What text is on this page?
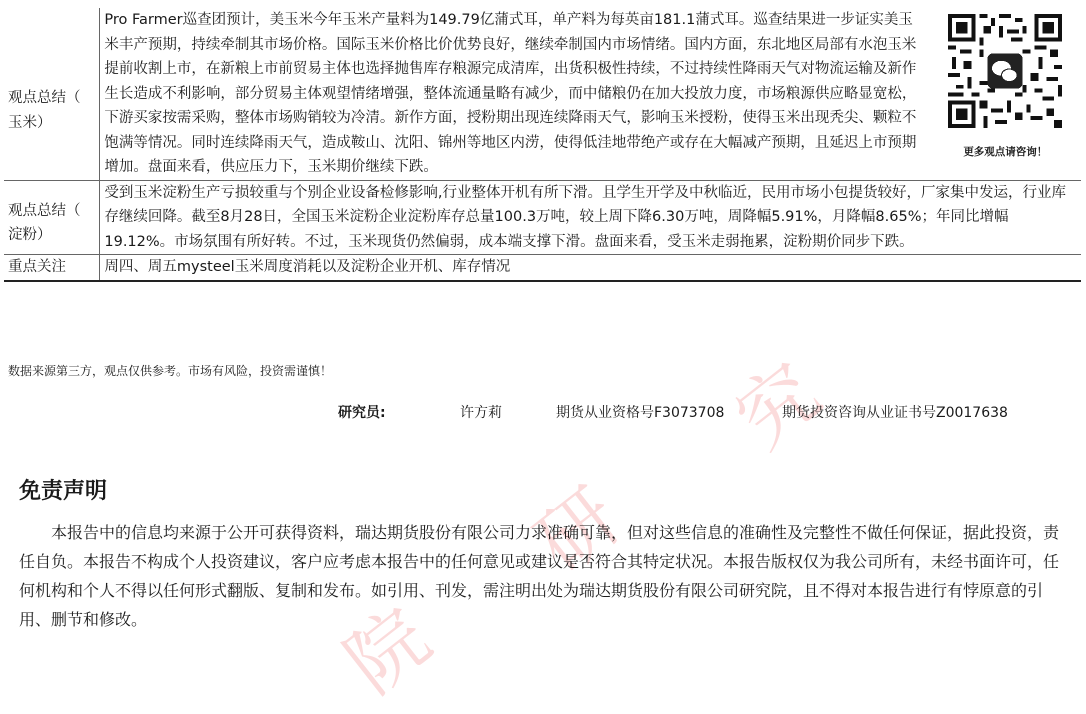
究
研
院
观点总结（
玉米）	Pro Farmer巡查团预计，美玉米今年玉米产量料为149.79亿蒲式耳，单产料为每英亩181.1蒲式耳。巡查结果进一步证实美玉米丰产预期，持续牵制其市场价格。国际玉米价格比价优势良好，继续牵制国内市场情绪。国内方面，东北地区局部有水泡玉米提前收割上市，在新粮上市前贸易主体也选择抛售库存粮源完成清库，出货积极性持续，不过持续性降雨天气对物流运输及新作生长造成不利影响，部分贸易主体观望情绪增强，整体流通量略有减少，而中储粮仍在加大投放力度，市场粮源供应略显宽松，下游买家按需采购，整体市场购销较为冷清。新作方面，授粉期出现连续降雨天气，影响玉米授粉，使得玉米出现秃尖、颗粒不饱满等情况。同时连续降雨天气，造成鞍山、沈阳、锦州等地区内涝，使得低洼地带绝产或存在大幅减产预期，且延迟上市预期增加。盘面来看，供应压力下，玉米期价继续下跌。	更多观点请咨询！

观点总结（
淀粉）	受到玉米淀粉生产亏损较重与个别企业设备检修影响,行业整体开机有所下滑。且学生开学及中秋临近，民用市场小包提货较好，厂家集中发运，行业库存继续回降。截至8月28日，全国玉米淀粉企业淀粉库存总量100.3万吨，较上周下降6.30万吨，周降幅5.91%，月降幅8.65%；年同比增幅19.12%。市场氛围有所好转。不过，玉米现货仍然偏弱，成本端支撑下滑。盘面来看，受玉米走弱拖累，淀粉期价同步下跌。	

重点关注	周四、周五mysteel玉米周度消耗以及淀粉企业开机、库存情况	
数据来源第三方，观点仅供参考。市场有风险，投资需谨慎！
研究员:	许方莉	期货从业资格号F3073708	期货投资咨询从业证书号Z0017638
免责声明

本报告中的信息均来源于公开可获得资料，瑞达期货股份有限公司力求准确可靠，但对这些信息的准确性及完整性不做任何保证，据此投资，责任自负。本报告不构成个人投资建议，客户应考虑本报告中的任何意见或建议是否符合其特定状况。本报告版权仅为我公司所有，未经书面许可，任何机构和个人不得以任何形式翻版、复制和发布。如引用、刊发，需注明出处为瑞达期货股份有限公司研究院，且不得对本报告进行有悖原意的引用、删节和修改。
